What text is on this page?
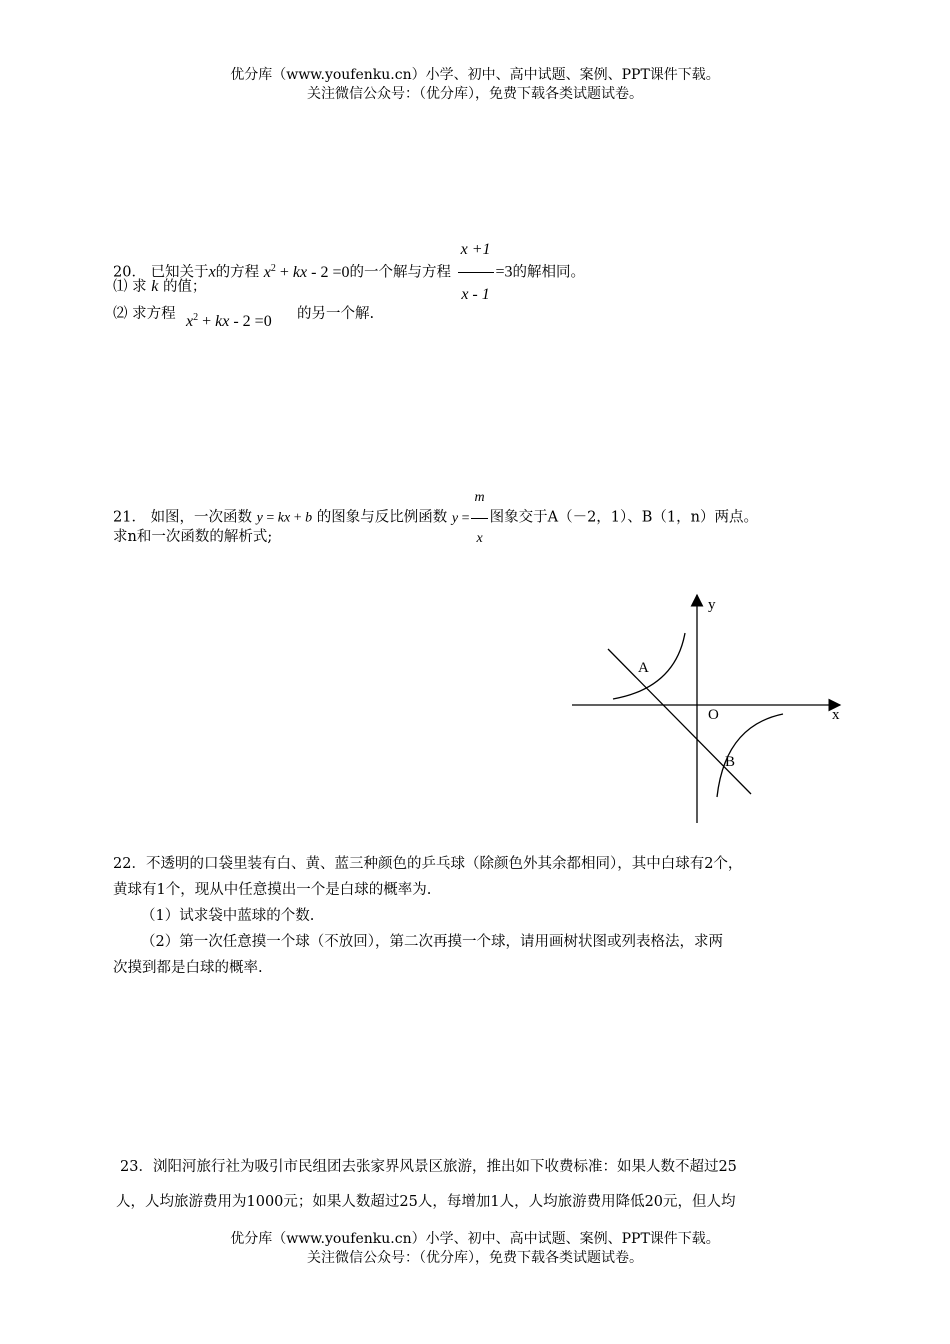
优分库（www.youfenku.cn）小学、初中、高中试题、案例、PPT课件下载。
关注微信公众号：（优分库），免费下载各类试题试卷。
20． 已知关于x的方程 $x^2$ + kx - 2 =0的一个解与方程 $\frac{x +1}{x - 1} =3$的解相同。
⑴ 求 k 的值；
⑵ 求方程 $x^2$ + kx - 2 =0 的另一个解.
21． 如图，一次函数 y = kx + b 的图象与反比例函数 $y = \frac{m}{x}$ 图象交于A（－2，1）、B（1，n）两点。
求n和一次函数的解析式;
y
x
O
A
B
22．不透明的口袋里装有白、黄、蓝三种颜色的乒乓球（除颜色外其余都相同），其中白球有2个，
黄球有1个，现从中任意摸出一个是白球的概率为.
（1）试求袋中蓝球的个数.
（2）第一次任意摸一个球（不放回），第二次再摸一个球，请用画树状图或列表格法，求两
次摸到都是白球的概率.
23．浏阳河旅行社为吸引市民组团去张家界风景区旅游，推出如下收费标准：如果人数不超过25
人，人均旅游费用为1000元；如果人数超过25人，每增加1人，人均旅游费用降低20元，但人均
优分库（www.youfenku.cn）小学、初中、高中试题、案例、PPT课件下载。
关注微信公众号：（优分库），免费下载各类试题试卷。
